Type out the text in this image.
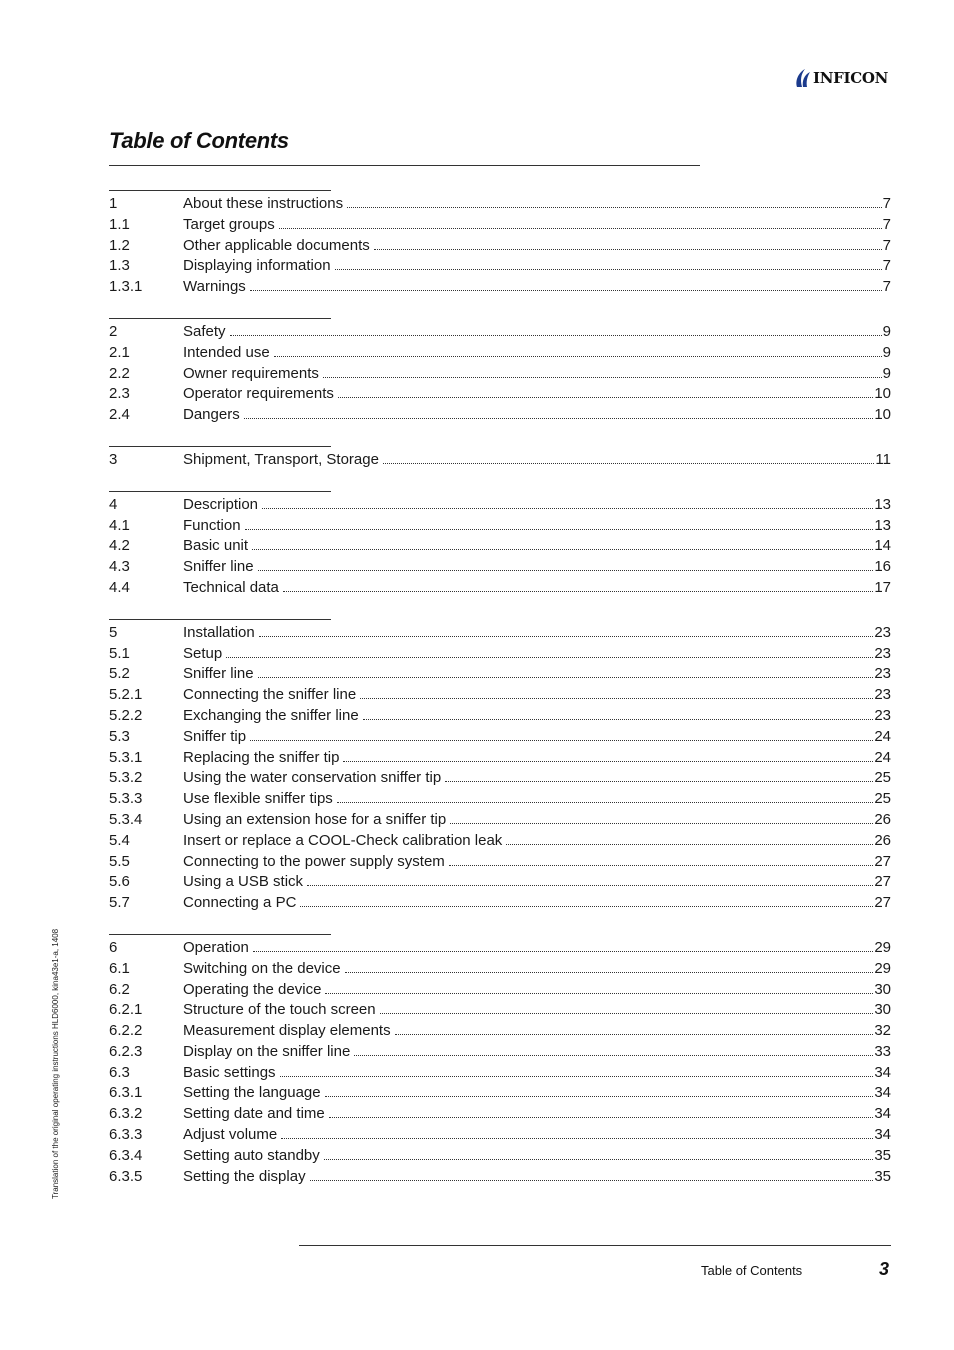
INFICON
Table of Contents
1	About these instructions	7
1.1	Target groups	7
1.2	Other applicable documents	7
1.3	Displaying information	7
1.3.1	Warnings	7
2	Safety	9
2.1	Intended use	9
2.2	Owner requirements	9
2.3	Operator requirements	10
2.4	Dangers	10
3	Shipment, Transport, Storage	11
4	Description	13
4.1	Function	13
4.2	Basic unit	14
4.3	Sniffer line	16
4.4	Technical data	17
5	Installation	23
5.1	Setup	23
5.2	Sniffer line	23
5.2.1	Connecting the sniffer line	23
5.2.2	Exchanging the sniffer line	23
5.3	Sniffer tip	24
5.3.1	Replacing the sniffer tip	24
5.3.2	Using the water conservation sniffer tip	25
5.3.3	Use flexible sniffer tips	25
5.3.4	Using an extension hose for a sniffer tip	26
5.4	Insert or replace a COOL-Check calibration leak	26
5.5	Connecting to the power supply system	27
5.6	Using a USB stick	27
5.7	Connecting a PC	27
6	Operation	29
6.1	Switching on the device	29
6.2	Operating the device	30
6.2.1	Structure of the touch screen	30
6.2.2	Measurement display elements	32
6.2.3	Display on the sniffer line	33
6.3	Basic settings	34
6.3.1	Setting the language	34
6.3.2	Setting date and time	34
6.3.3	Adjust volume	34
6.3.4	Setting auto standby	35
6.3.5	Setting the display	35
Translation of the original operating instructions HLD6000, kina43e1-a, 1408
Table of Contents	3
